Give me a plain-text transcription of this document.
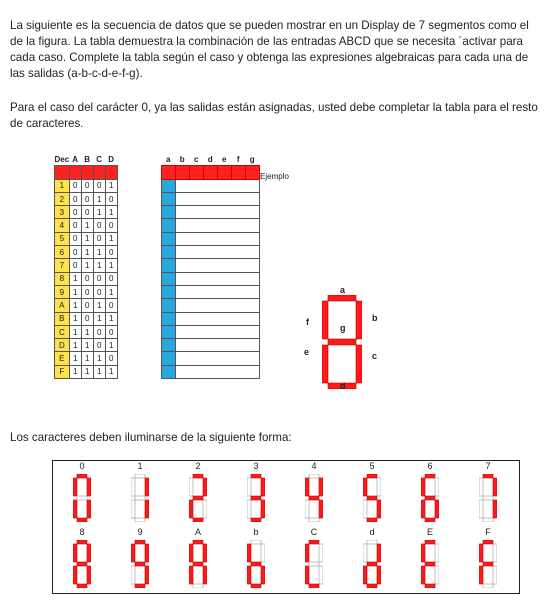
La siguiente es la secuencia de datos que se pueden mostrar en un Display de 7 segmentos como el de la figura. La tabla demuestra la combinación de las entradas ABCD que se necesita ´activar para cada caso. Complete la tabla según el caso y obtenga las expresiones algebraicas para cada una de las salidas (a-b-c-d-e-f-g).

Para el caso del carácter 0, ya las salidas están asignadas, usted debe completar la tabla para el resto de caracteres.

Dec	A	B	C	D		a	b	c	d	e	f	g
0	0	0	0	0		1	1	1	1	1	1	0
1	0	0	0	1								
2	0	0	1	0								
3	0	0	1	1								
4	0	1	0	0								
5	0	1	0	1								
6	0	1	1	0								
7	0	1	1	1								
8	1	0	0	0								
9	1	0	0	1								
A	1	0	1	0								
B	1	0	1	1								
C	1	1	0	0								
D	1	1	0	1								
E	1	1	1	0								
F	1	1	1	1								
Ejemplo
a
b
c
d
e
f
g

Los caracteres deben iluminarse de la siguiente forma:

0	1	2	3	4	5	6	7
8	9	A	b	C	d	E	F
